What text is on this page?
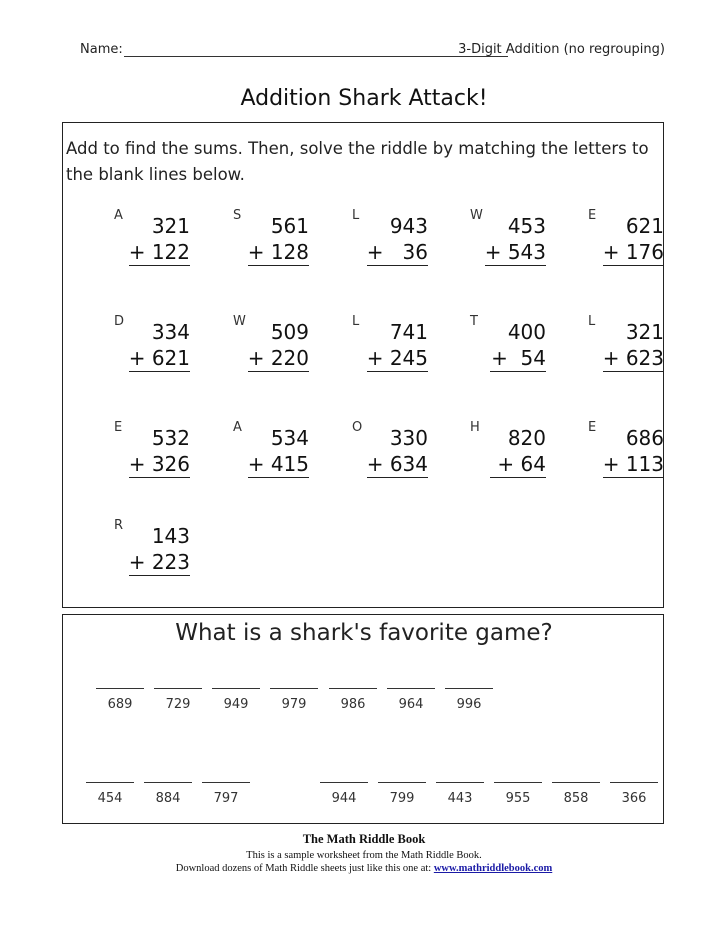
Name:	3-Digit Addition (no regrouping)
Addition Shark Attack!
Add to find the sums. Then, solve the riddle by matching the letters to the blank lines below.
A 321
+ 122
S 561
+ 128
L 943
+   36
W 453
+ 543
E 621
+ 176
D 334
+ 621
W 509
+ 220
L 741
+ 245
T 400
+  54
L 321
+ 623
E 532
+ 326
A 534
+ 415
O 330
+ 634
H 820
+ 64
E 686
+ 113
R 143
+ 223
What is a shark's favorite game?
689	729	949	979	986	964	996
454	884	797	944	799	443	955	858	366
The Math Riddle Book
This is a sample worksheet from the Math Riddle Book.
Download dozens of Math Riddle sheets just like this one at: www.mathriddlebook.com
